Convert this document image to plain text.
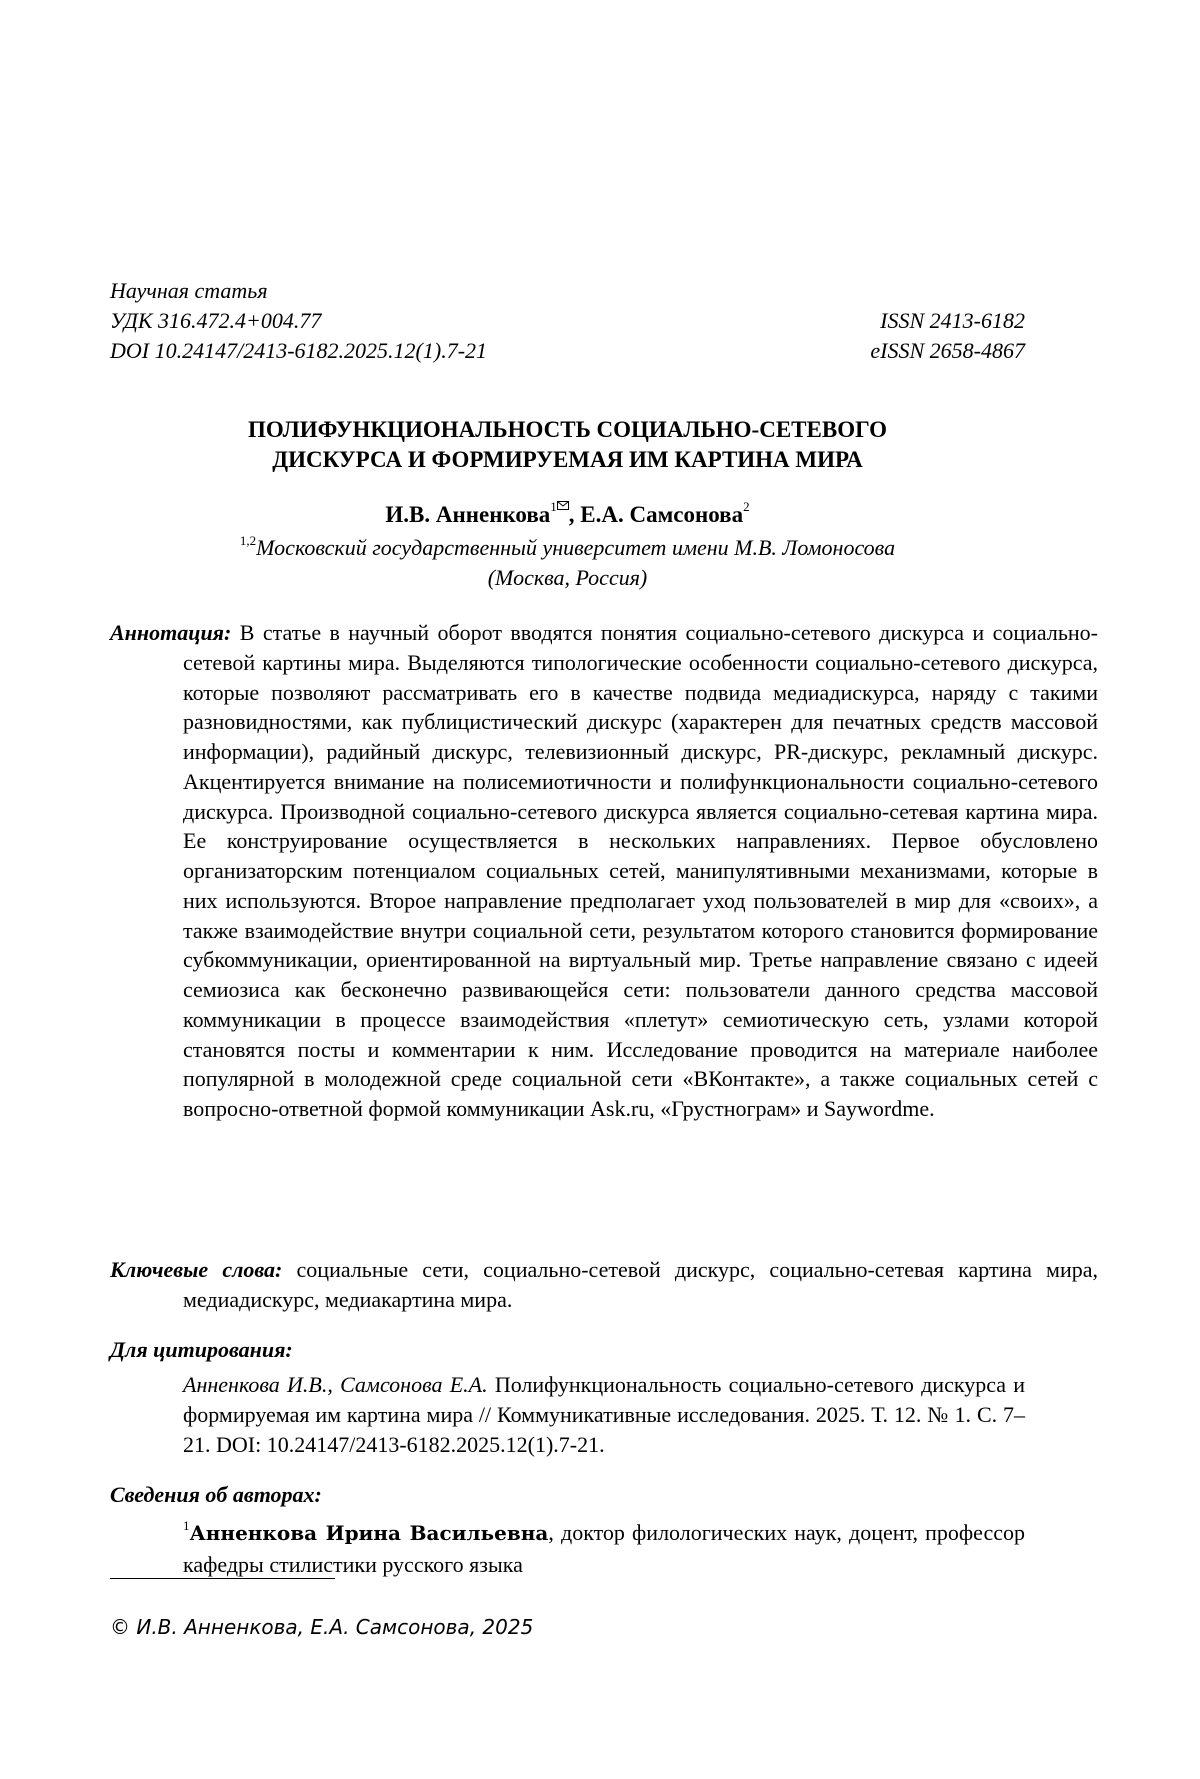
Научная статья
УДК 316.472.4+004.77	ISSN 2413-6182
DOI 10.24147/2413-6182.2025.12(1).7-21	eISSN 2658-4867
ПОЛИФУНКЦИОНАЛЬНОСТЬ СОЦИАЛЬНО-СЕТЕВОГО
ДИСКУРСА И ФОРМИРУЕМАЯ ИМ КАРТИНА МИРА
И.В. Анненкова$^1$ , Е.А. Самсонова$^2$
$^{1,2}$Московский государственный университет имени М.В. Ломоносова
(Москва, Россия)
Аннотация: В статье в научный оборот вводятся понятия социально-сетевого дискурса и социально-сетевой картины мира. Выделяются типологические особенности социально-сетевого дискурса, которые позволяют рассматривать его в качестве подвида медиадискурса, наряду с такими разновидностями, как публицистический дискурс (характерен для печатных средств массовой информации), радийный дискурс, телевизионный дискурс, PR-дискурс, рекламный дискурс. Акцентируется внимание на полисемиотичности и полифункциональности социально-сетевого дискурса. Производной социально-сетевого дискурса является социально-сетевая картина мира. Ее конструирование осуществляется в нескольких направлениях. Первое обусловлено организаторским потенциалом социальных сетей, манипулятивными механизмами, которые в них используются. Второе направление предполагает уход пользователей в мир для «своих», а также взаимодействие внутри социальной сети, результатом которого становится формирование субкоммуникации, ориентированной на виртуальный мир. Третье направление связано с идеей семиозиса как бесконечно развивающейся сети: пользователи данного средства массовой коммуникации в процессе взаимодействия «плетут» семиотическую сеть, узлами которой становятся посты и комментарии к ним. Исследование проводится на материале наиболее популярной в молодежной среде социальной сети «ВКонтакте», а также социальных сетей с вопросно-ответной формой коммуникации Ask.ru, «Грустнограм» и Saywordme.
Ключевые слова: социальные сети, социально-сетевой дискурс, социально-сетевая картина мира, медиадискурс, медиакартина мира.
Для цитирования:
Анненкова И.В., Самсонова Е.А. Полифункциональность социально-сетевого дискурса и формируемая им картина мира // Коммуникативные исследования. 2025. Т. 12. № 1. С. 7–21. DOI: 10.24147/2413-6182.2025.12(1).7-21.
Сведения об авторах:
$^1$Анненкова Ирина Васильевна, доктор филологических наук, доцент, профессор кафедры стилистики русского языка
© И.В. Анненкова, Е.А. Самсонова, 2025
